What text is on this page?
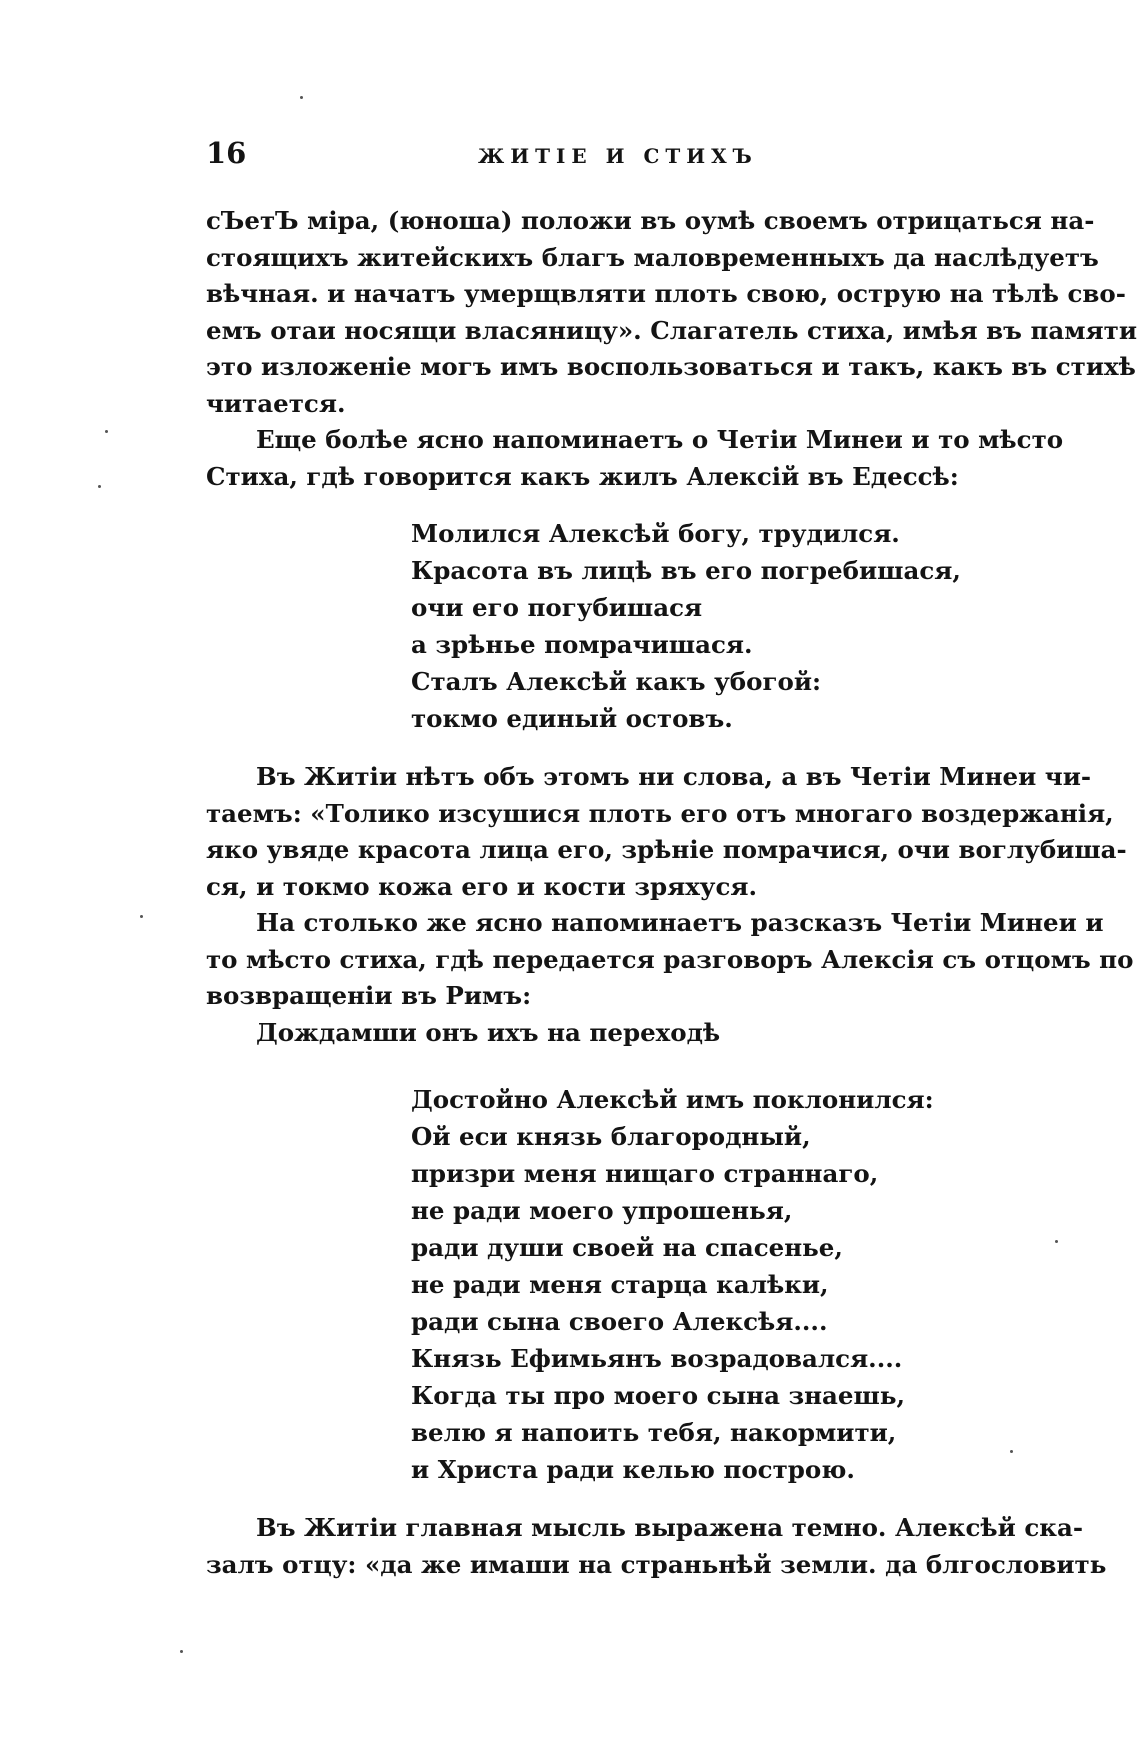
16	ЖИТІЕ И СТИХЪ
сЪетЪ міра, (юноша) положи въ оумѣ своемъ отрицаться на-
стоящихъ житейскихъ благъ маловременныхъ да наслѣдуетъ
вѣчная. и начатъ умерщвляти плоть свою, острую на тѣлѣ сво-
емъ отаи носящи власяницу». Слагатель стиха, имѣя въ памяти
это изложеніе могъ имъ воспользоваться и такъ, какъ въ стихѣ
читается.
Еще болѣе ясно напоминаетъ о Четіи Минеи и то мѣсто
Стиха, гдѣ говорится какъ жилъ Алексій въ Едессѣ:
Молился Алексѣй богу, трудился.
Красота въ лицѣ въ его погребишася,
очи его погубишася
а зрѣнье помрачишася.
Сталъ Алексѣй какъ убогой:
токмо единый остовъ.
Въ Житіи нѣтъ объ этомъ ни слова, а въ Четіи Минеи чи-
таемъ: «Толико изсушися плоть его отъ многаго воздержанія,
яко увяде красота лица его, зрѣніе помрачися, очи воглубиша-
ся, и токмо кожа его и кости зряхуся.
На столько же ясно напоминаетъ разсказъ Четіи Минеи и
то мѣсто стиха, гдѣ передается разговоръ Алексія съ отцомъ по
возвращеніи въ Римъ:
Дождамши онъ ихъ на переходѣ
Достойно Алексѣй имъ поклонился:
Ой еси князь благородный,
призри меня нищаго страннаго,
не ради моего упрошенья,
ради души своей на спасенье,
не ради меня старца калѣки,
ради сына своего Алексѣя....
Князь Ефимьянъ возрадовался....
Когда ты про моего сына знаешь,
велю я напоить тебя, накормити,
и Христа ради келью построю.
Въ Житіи главная мысль выражена темно. Алексѣй ска-
залъ отцу: «да же имаши на страньнѣй земли. да блгословить
